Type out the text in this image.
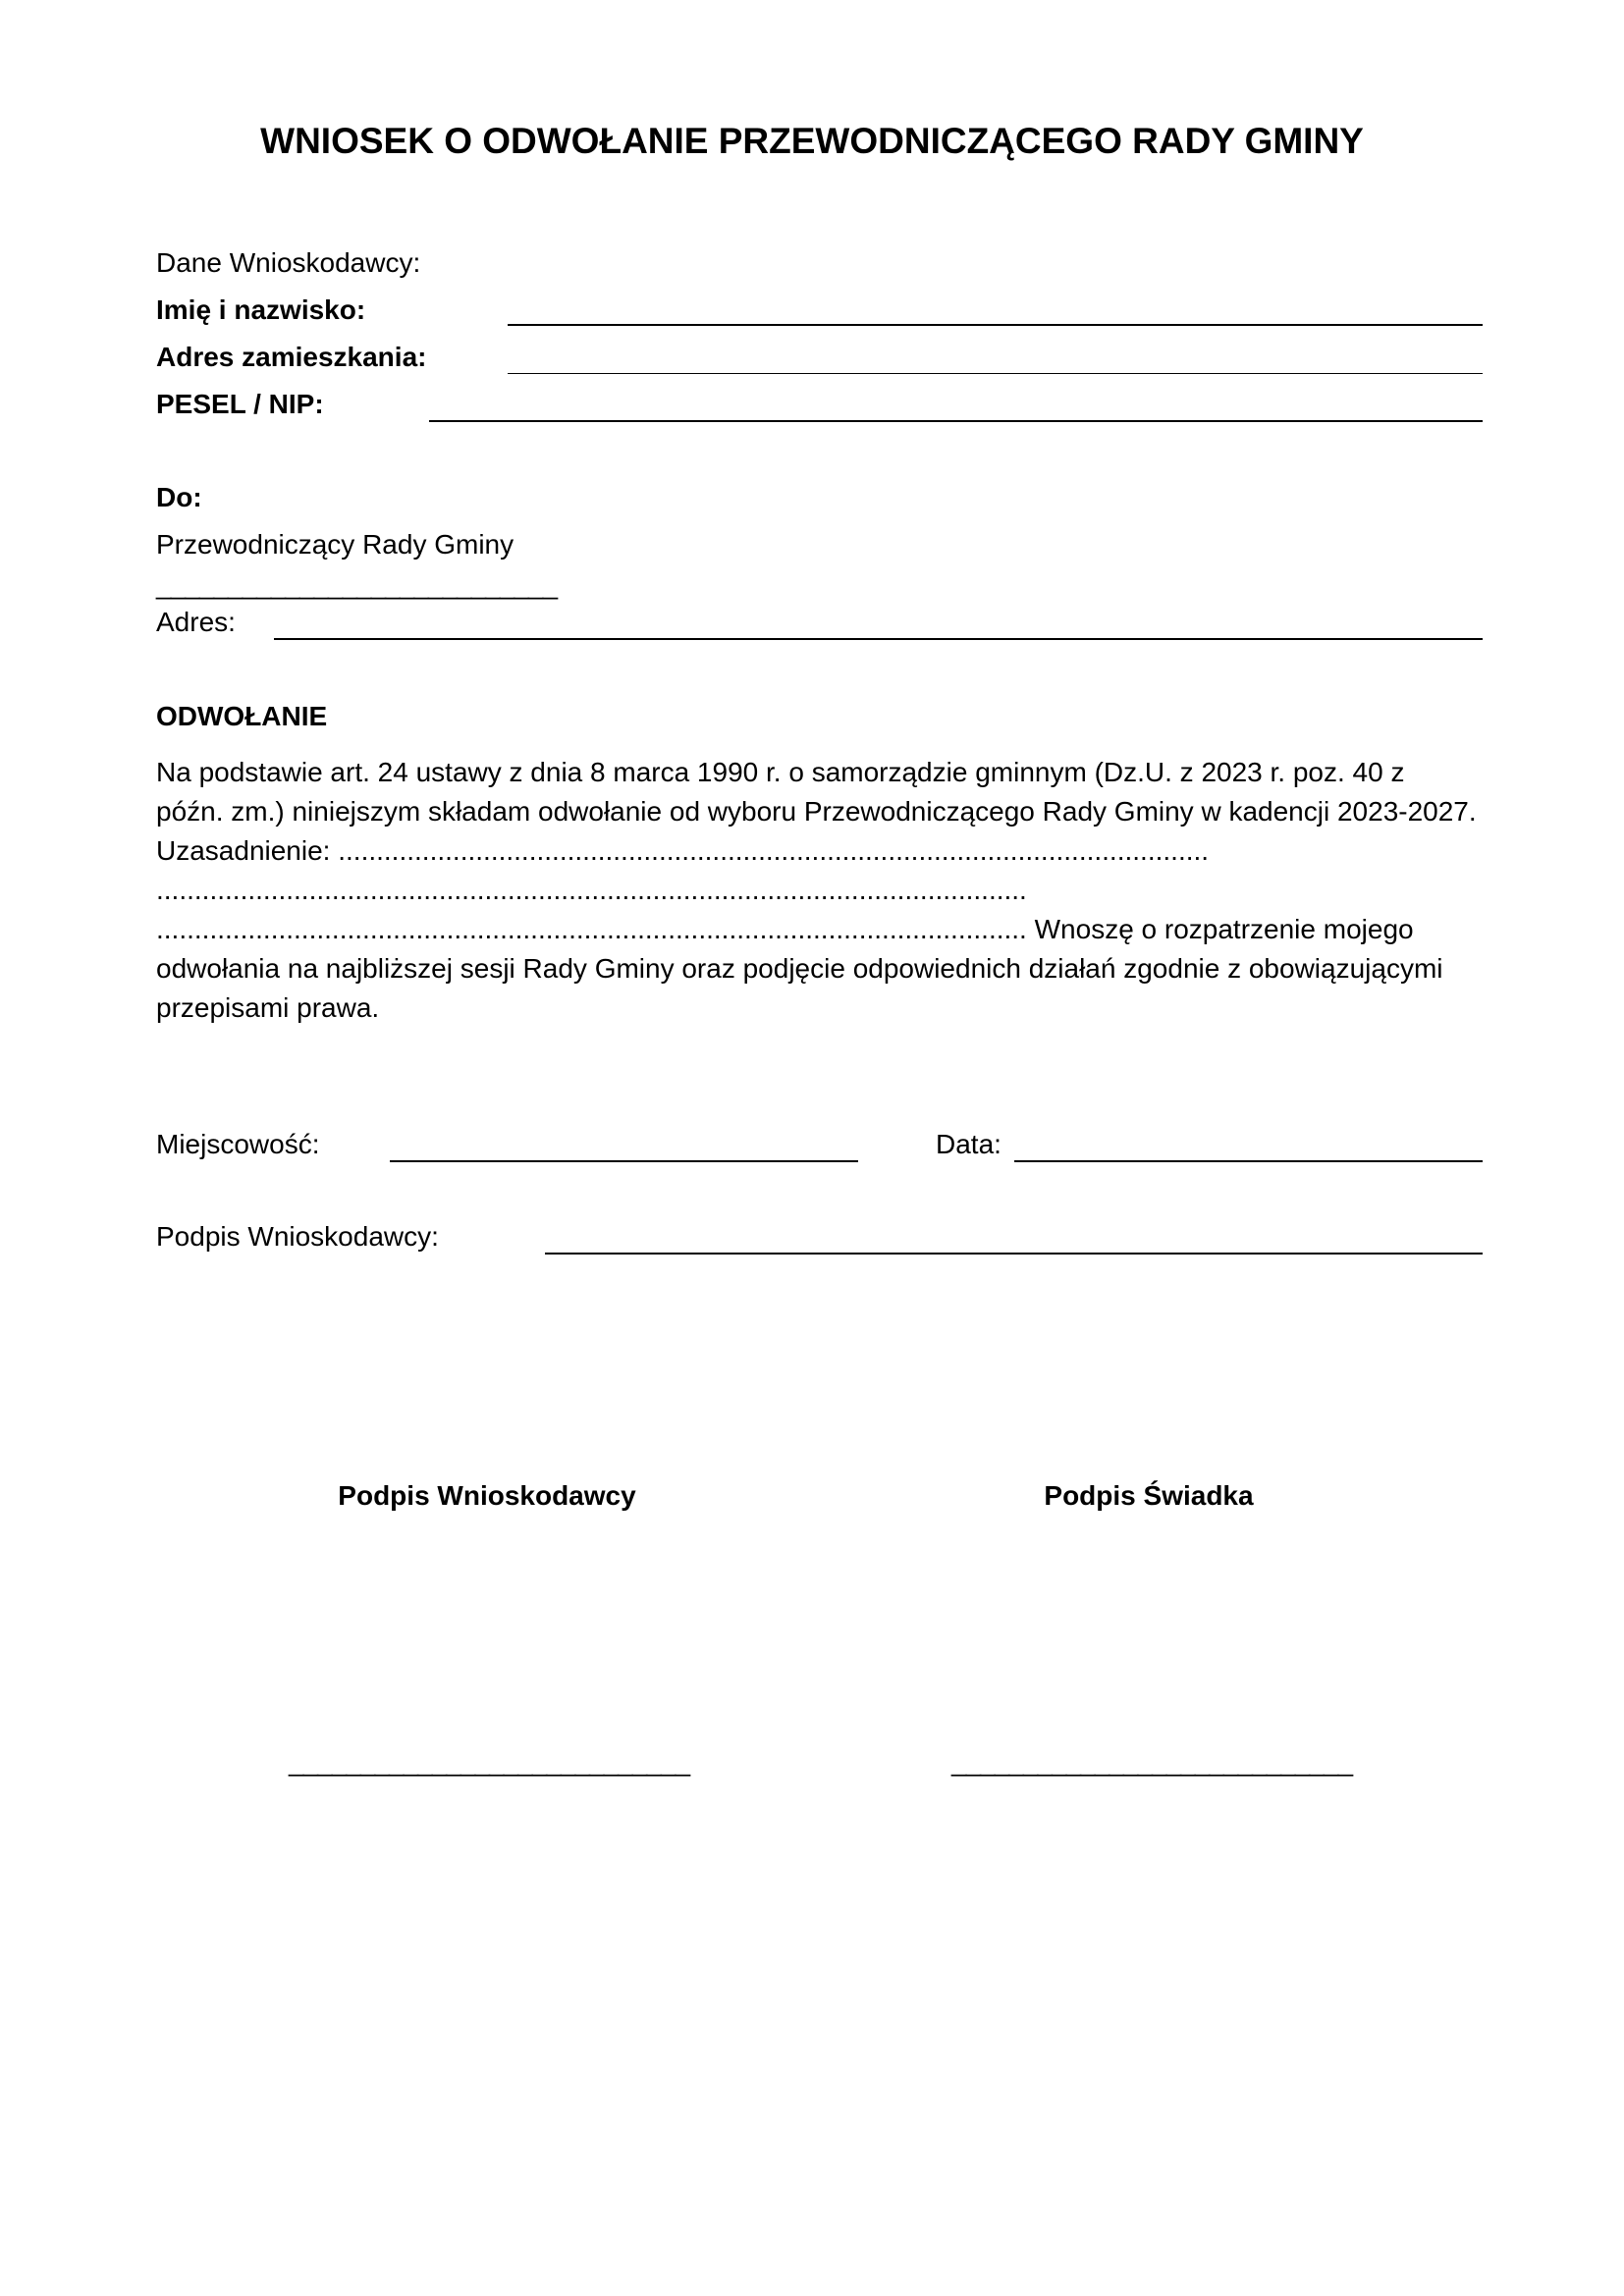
WNIOSEK O ODWOŁANIE PRZEWODNICZĄCEGO RADY GMINY
Dane Wnioskodawcy:
Imię i nazwisko:
Adres zamieszkania:
PESEL / NIP:
Do:
Przewodniczący Rady Gminy
____________________________
Adres:
ODWOŁANIE

Na podstawie art. 24 ustawy z dnia 8 marca 1990 r. o samorządzie gminnym (Dz.U. z 2023 r. poz. 40 z

późn. zm.) niniejszym składam odwołanie od wyboru Przewodniczącego Rady Gminy w kadencji 2023-2027.

Uzasadnienie: ..................................................................................................................

..................................................................................................................

.................................................................................................................. Wnoszę o rozpatrzenie mojego

odwołania na najbliższej sesji Rady Gminy oraz podjęcie odpowiednich działań zgodnie z obowiązującymi

przepisami prawa.

Miejscowość:	Data:
Podpis Wnioskodawcy:
Podpis Wnioskodawcy	Podpis Świadka
____________________________	____________________________
